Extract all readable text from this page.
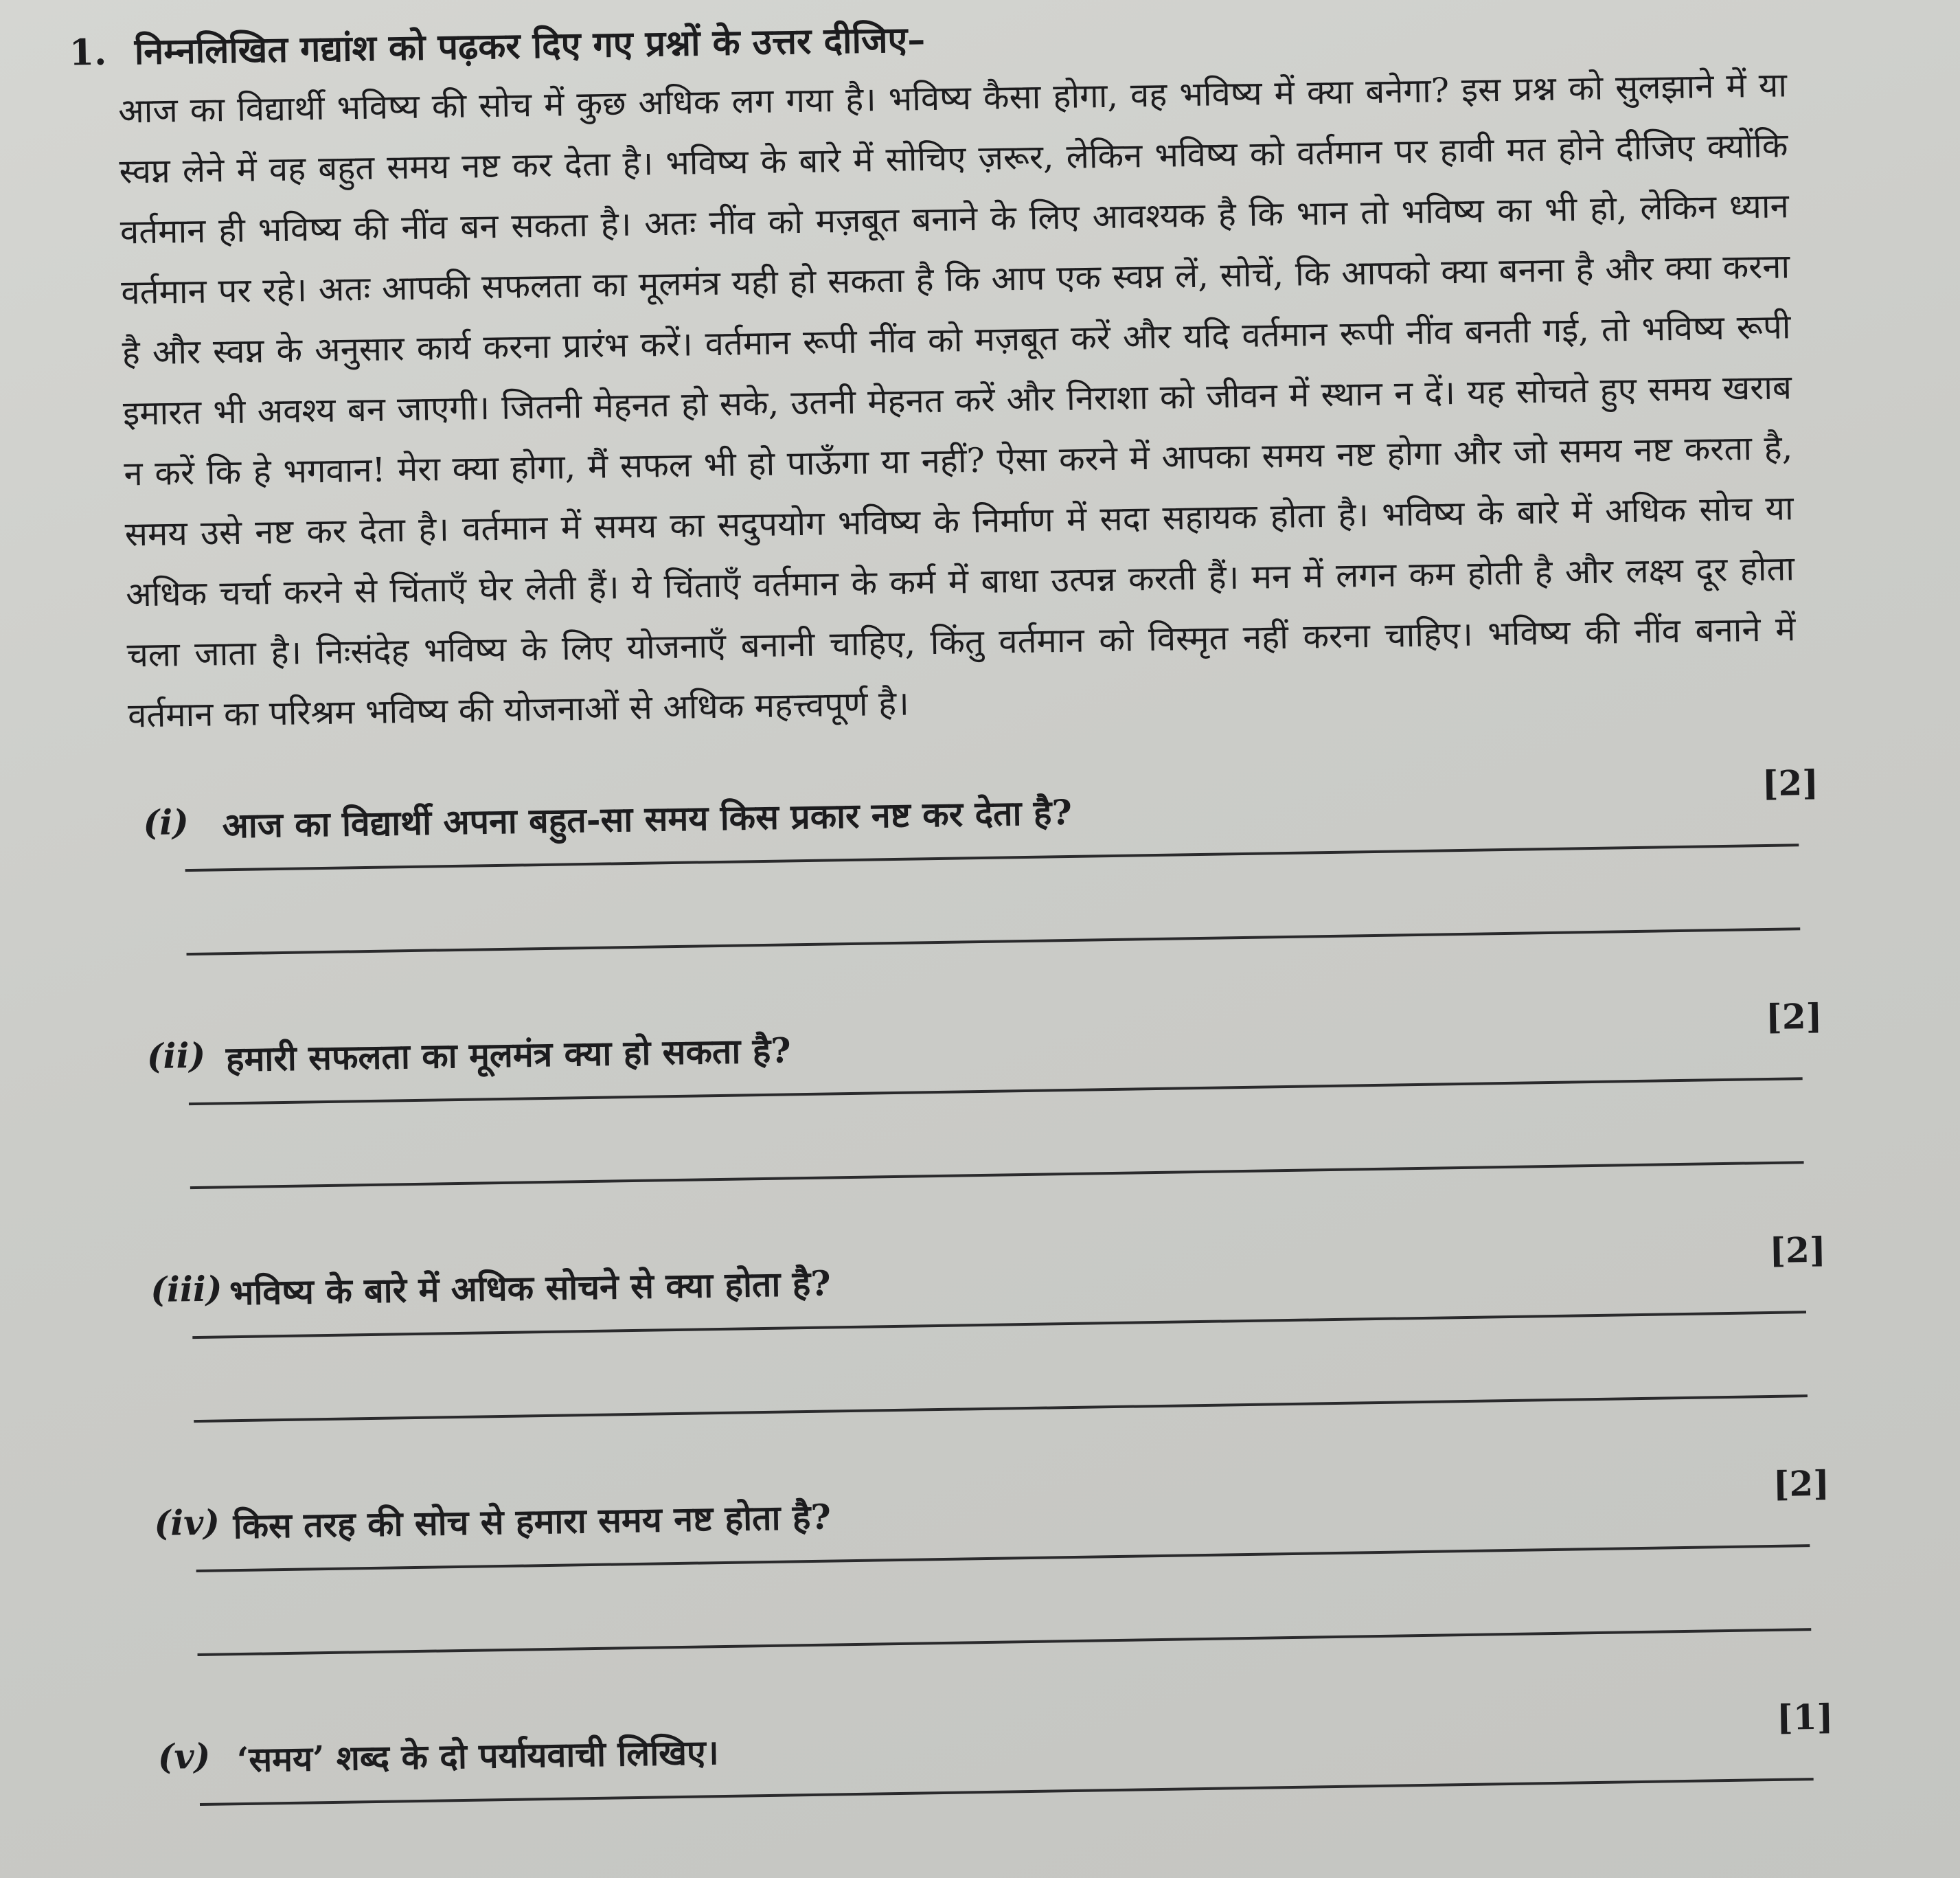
1. निम्नलिखित गद्यांश को पढ़कर दिए गए प्रश्नों के उत्तर दीजिए–
आज का विद्यार्थी भविष्य की सोच में कुछ अधिक लग गया है। भविष्य कैसा होगा, वह भविष्य में क्या बनेगा? इस प्रश्न को सुलझाने में या स्वप्न लेने में वह बहुत समय नष्ट कर देता है। भविष्य के बारे में सोचिए ज़रूर, लेकिन भविष्य को वर्तमान पर हावी मत होने दीजिए क्योंकि वर्तमान ही भविष्य की नींव बन सकता है। अतः नींव को मज़बूत बनाने के लिए आवश्यक है कि भान तो भविष्य का भी हो, लेकिन ध्यान वर्तमान पर रहे। अतः आपकी सफलता का मूलमंत्र यही हो सकता है कि आप एक स्वप्न लें, सोचें, कि आपको क्या बनना है और क्या करना है और स्वप्न के अनुसार कार्य करना प्रारंभ करें। वर्तमान रूपी नींव को मज़बूत करें और यदि वर्तमान रूपी नींव बनती गई, तो भविष्य रूपी इमारत भी अवश्य बन जाएगी। जितनी मेहनत हो सके, उतनी मेहनत करें और निराशा को जीवन में स्थान न दें। यह सोचते हुए समय खराब न करें कि हे भगवान! मेरा क्या होगा, मैं सफल भी हो पाऊँगा या नहीं? ऐसा करने में आपका समय नष्ट होगा और जो समय नष्ट करता है, समय उसे नष्ट कर देता है। वर्तमान में समय का सदुपयोग भविष्य के निर्माण में सदा सहायक होता है। भविष्य के बारे में अधिक सोच या अधिक चर्चा करने से चिंताएँ घेर लेती हैं। ये चिंताएँ वर्तमान के कर्म में बाधा उत्पन्न करती हैं। मन में लगन कम होती है और लक्ष्य दूर होता चला जाता है। निःसंदेह भविष्य के लिए योजनाएँ बनानी चाहिए, किंतु वर्तमान को विस्मृत नहीं करना चाहिए। भविष्य की नींव बनाने में वर्तमान का परिश्रम भविष्य की योजनाओं से अधिक महत्त्वपूर्ण है।
(i) आज का विद्यार्थी अपना बहुत-सा समय किस प्रकार नष्ट कर देता है?
[2]
(ii) हमारी सफलता का मूलमंत्र क्या हो सकता है?
[2]
(iii) भविष्य के बारे में अधिक सोचने से क्या होता है?
[2]
(iv) किस तरह की सोच से हमारा समय नष्ट होता है?
[2]
(v) ‘समय’ शब्द के दो पर्यायवाची लिखिए।
[1]
